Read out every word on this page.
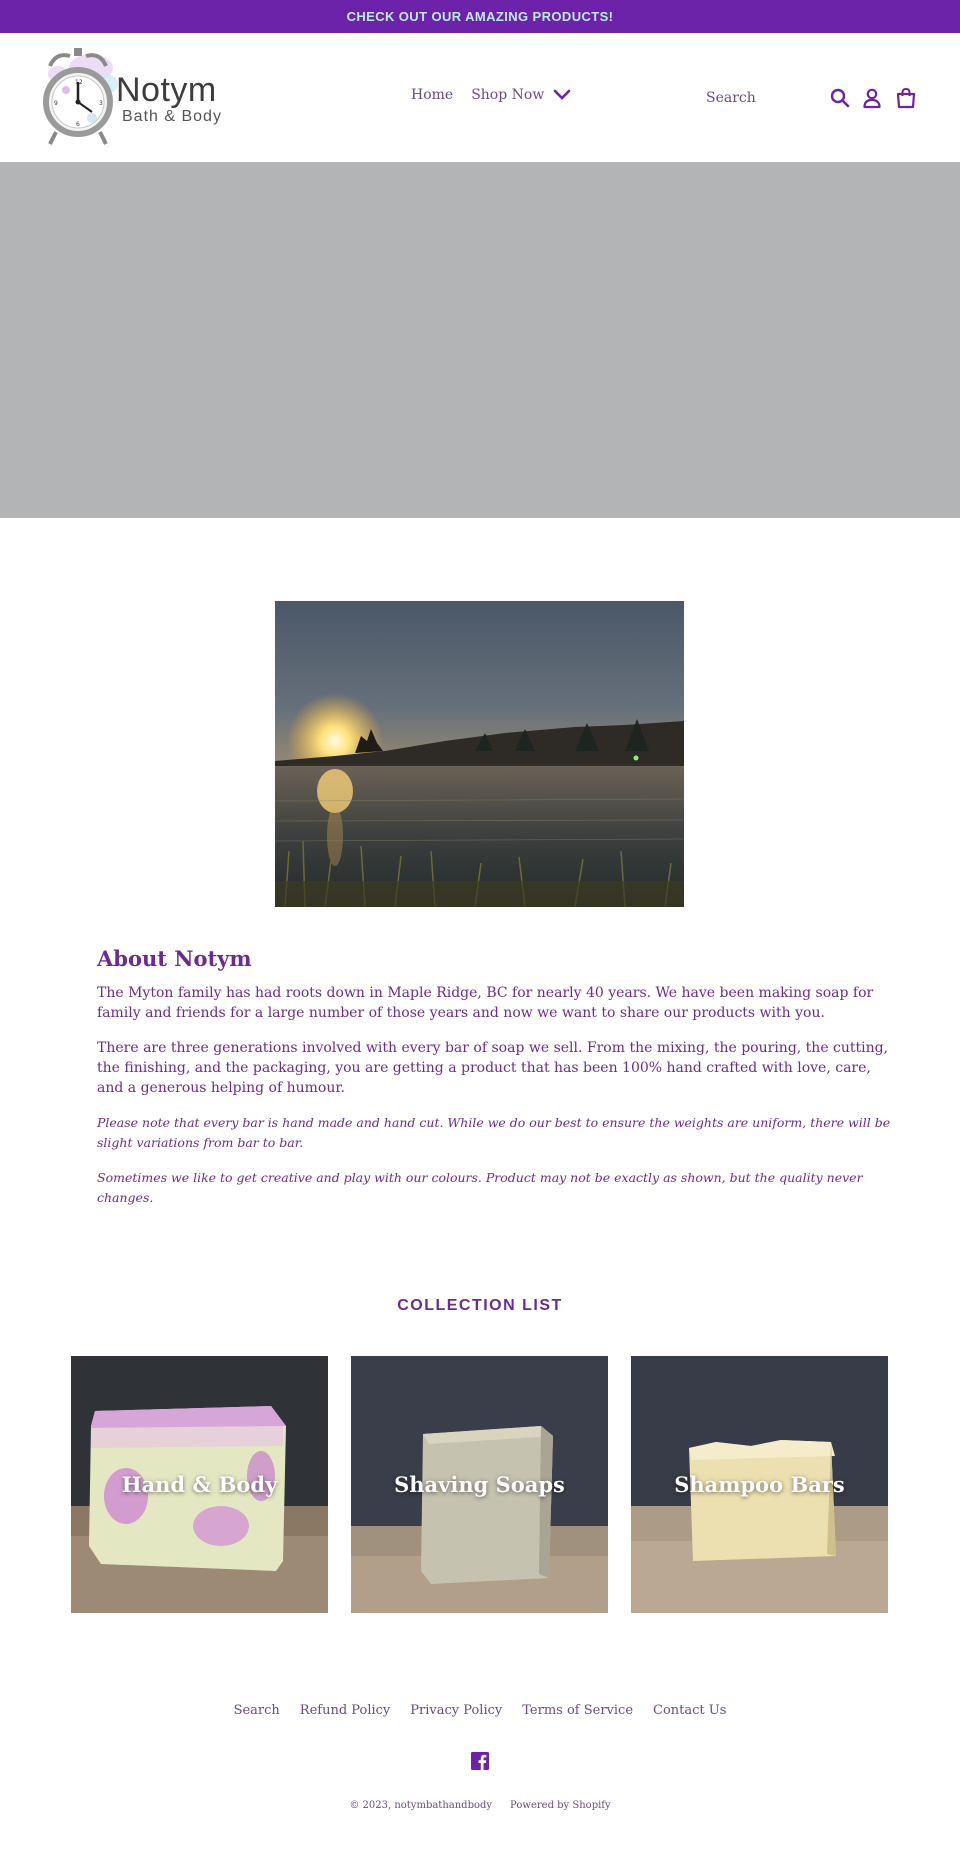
CHECK OUT OUR AMAZING PRODUCTS!
12
3
6
9 Notym
Bath & Body
Home Shop Now
Search
About Notym

The Myton family has had roots down in Maple Ridge, BC for nearly 40 years. We have been making soap for family and friends for a large number of those years and now we want to share our products with you.

There are three generations involved with every bar of soap we sell. From the mixing, the pouring, the cutting, the finishing, and the packaging, you are getting a product that has been 100% hand crafted with love, care, and a generous helping of humour.

Please note that every bar is hand made and hand cut. While we do our best to ensure the weights are uniform, there will be slight variations from bar to bar.

Sometimes we like to get creative and play with our colours. Product may not be exactly as shown, but the quality never changes.

COLLECTION LIST
Hand & Body	Shaving Soaps	Shampoo Bars
Search Refund Policy Privacy Policy Terms of Service Contact Us
© 2023, notymbathandbody Powered by Shopify
